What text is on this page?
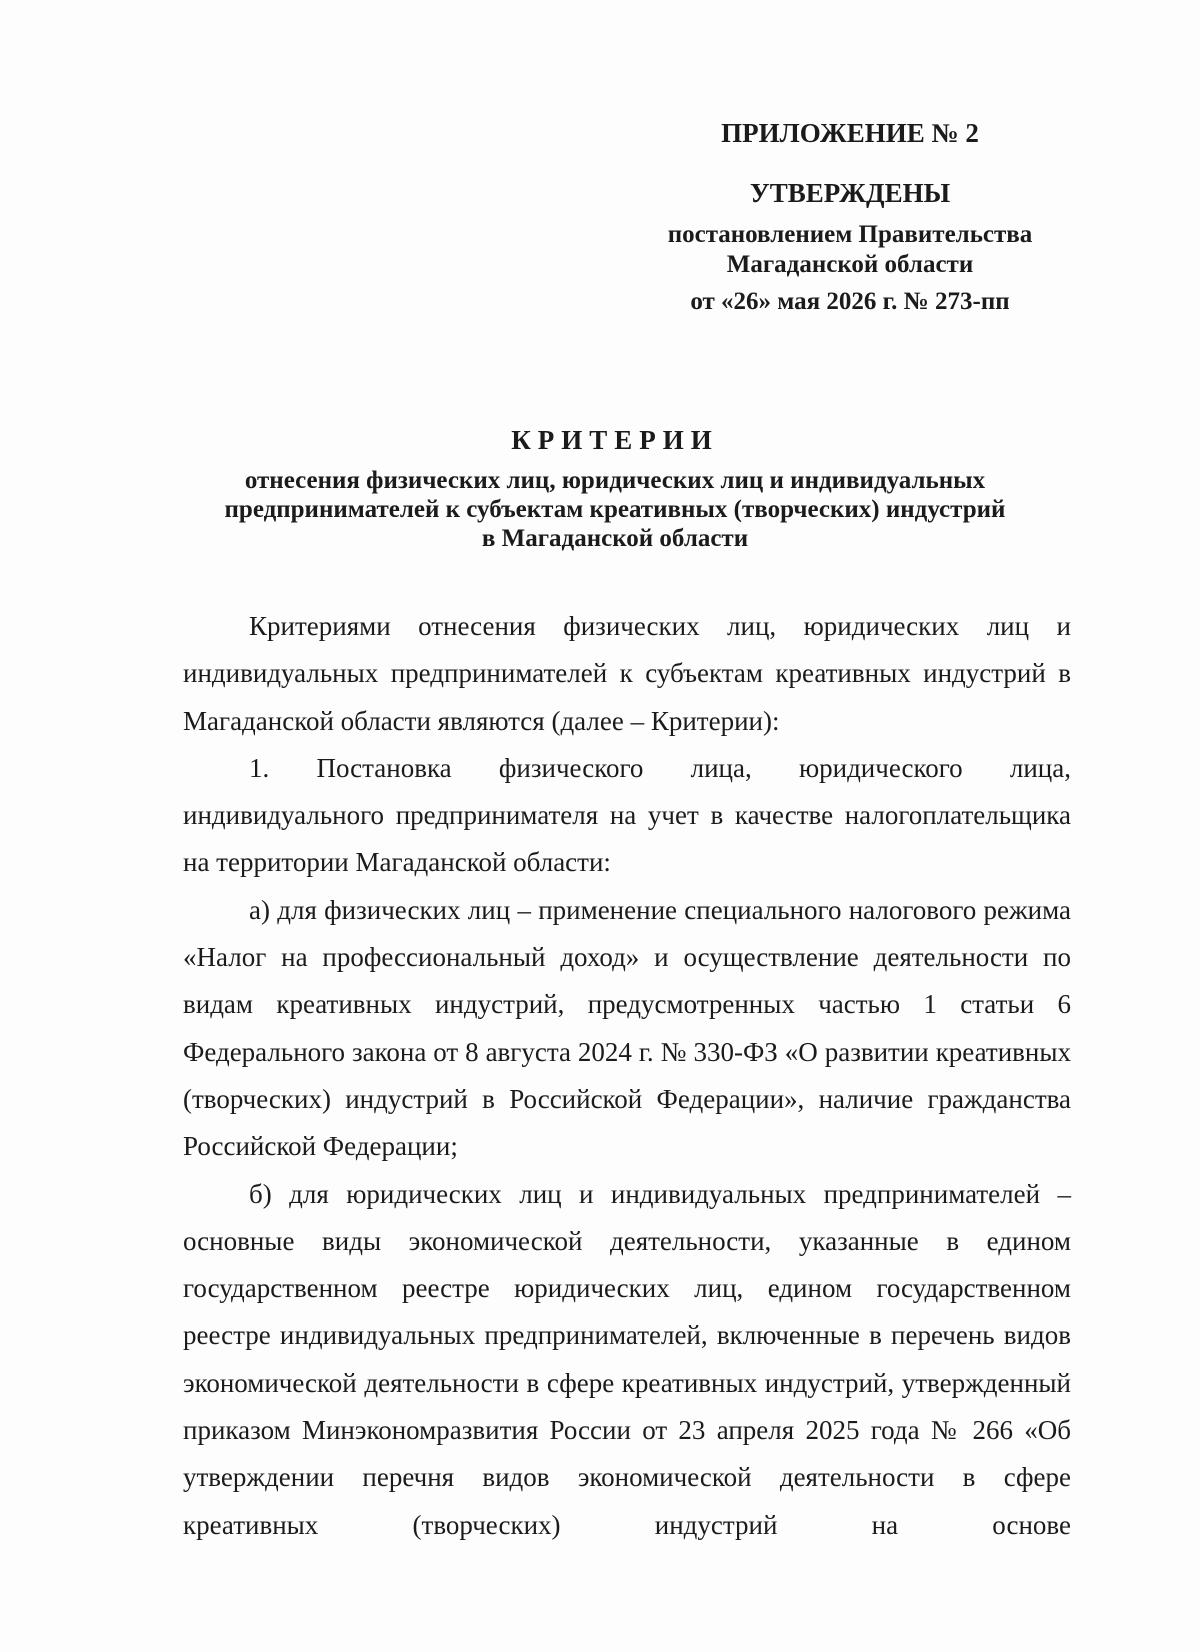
ПРИЛОЖЕНИЕ № 2
УТВЕРЖДЕНЫ
постановлением Правительства
Магаданской области
от «26» мая 2026 г. № 273-пп
КРИТЕРИИ
отнесения физических лиц, юридических лиц и индивидуальных
предпринимателей к субъектам креативных (творческих) индустрий
в Магаданской области

Критериями отнесения физических лиц, юридических лиц и индивидуальных предпринимателей к субъектам креативных индустрий в Магаданской области являются (далее – Критерии):

1. Постановка физического лица, юридического лица, индивидуального предпринимателя на учет в качестве налогоплательщика на территории Магаданской области:

а) для физических лиц – применение специального налогового режима «Налог на профессиональный доход» и осуществление деятельности по видам креативных индустрий, предусмотренных частью 1 статьи 6 Федерального закона от 8 августа 2024 г. № 330-ФЗ «О развитии креативных (творческих) индустрий в Российской Федерации», наличие гражданства Российской Федерации;

б) для юридических лиц и индивидуальных предпринимателей – основные виды экономической деятельности, указанные в едином государственном реестре юридических лиц, едином государственном реестре индивидуальных предпринимателей, включенные в перечень видов экономической деятельности в сфере креативных индустрий, утвержденный приказом Минэкономразвития России от 23 апреля 2025 года № 266 «Об утверждении перечня видов экономической деятельности в сфере креативных (творческих) индустрий на основе
